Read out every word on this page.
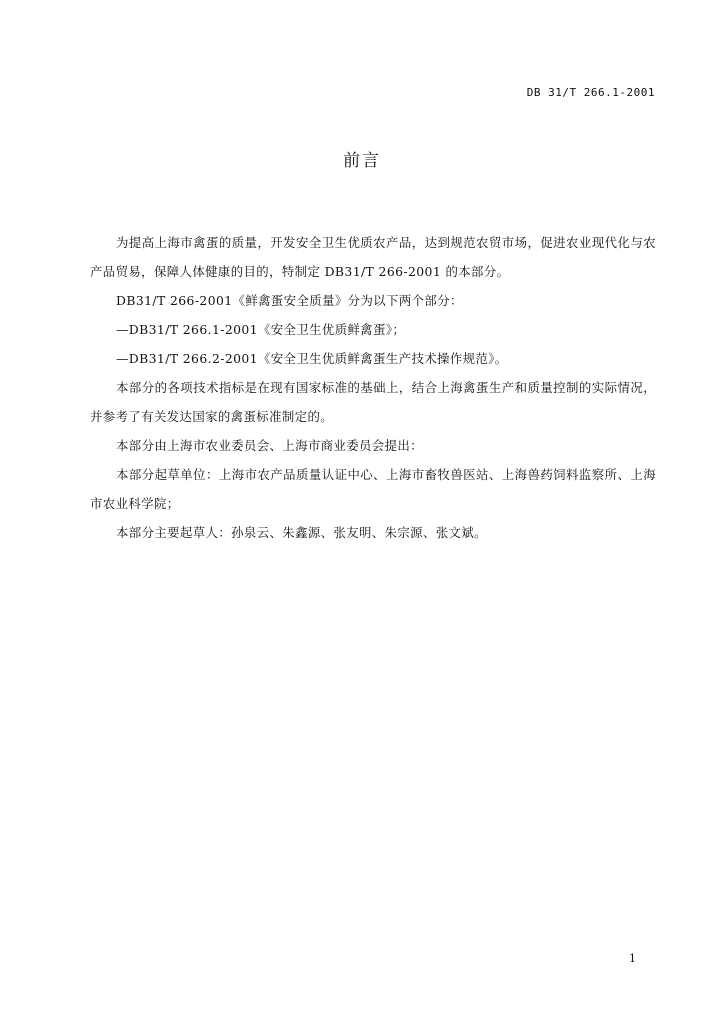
DB 31/T 266.1-2001
前言

为提高上海市禽蛋的质量，开发安全卫生优质农产品，达到规范农贸市场，促进农业现代化与农产品贸易，保障人体健康的目的，特制定 DB31/T 266-2001 的本部分。

DB31/T 266-2001《鲜禽蛋安全质量》分为以下两个部分：

—DB31/T 266.1-2001《安全卫生优质鲜禽蛋》；

—DB31/T 266.2-2001《安全卫生优质鲜禽蛋生产技术操作规范》。

本部分的各项技术指标是在现有国家标准的基础上，结合上海禽蛋生产和质量控制的实际情况，并参考了有关发达国家的禽蛋标准制定的。

本部分由上海市农业委员会、上海市商业委员会提出：

本部分起草单位：上海市农产品质量认证中心、上海市畜牧兽医站、上海兽药饲料监察所、上海市农业科学院；

本部分主要起草人：孙泉云、朱鑫源、张友明、朱宗源、张文斌。

1
